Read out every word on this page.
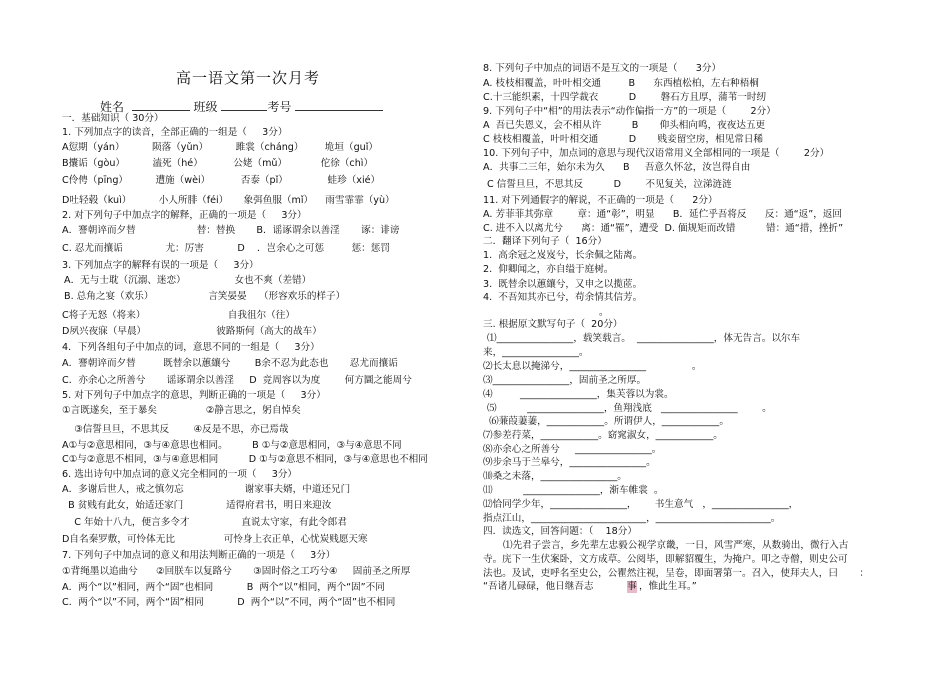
高一语文第一次月考
姓名	班级	考号
一．基础知识（ 30分）
1. 下列加点字的读音，全部正确的一组是（     3分）
A愆期（yán）         陨落（yǔn）         雎裳（cháng）       垝垣（guǐ）
B攮诟（gòu）         溘死（hé）          公姥（mǔ）           佗徐（chì）
C伶俜（pīng）         遭施（wèi）          否泰（pǐ）             蛙珍（xié）
D吐轻毂（kuì）         小人所腓（féi）     象弭鱼服（mǐ）    雨雪霏霏（yù）
2. 对下列句子中加点字的解释，正确的一项是（     3分）
A．謇朝谇而夕替                    替：替换       B．谣诼谓余以善淫       诼：诽谤
C. 忍尤而攘诟              尤：厉害           D    ．岂余心之可惩         惩：惩罚
3. 下列加点字的解释有误的一项是（     3分）
A．无与士耽（沉溺、迷恋）                女也不爽（差错）
B. 总角之宴（欢乐）                  言笑晏晏    （形容欢乐的样子）
C将子无怒（将来）                           自我徂尔（往）
D夙兴夜寐（早晨）                       彼路斯何（高大的战车）
4．下列各组句子中加点的词，意思不同的一组是（     3分）
A．謇朝谇而夕替         既替余以蕙纕兮        B余不忍为此态也       忍尤而攘诟
C．亦余心之所善兮       谣诼谓余以善淫     D  竞周容以为度        何方圜之能周兮
5. 对下列句子中加点字的意思，判断正确的一项是（     3分）
①言既遂矣，至于暴矣                ②静言思之，躬自悼矣
③信誓旦旦，不思其反        ④反是不思，亦已焉哉
A①与②意思相同，③与④意思也相同。        B ①与②意思相同，③与④意思不同
C①与②意思不相同，③与④意思相同          D ①与②意思不相同，③与④意思也不相同
6. 选出诗句中加点词的意义完全相同的一项（     3分）
A．多谢后世人，戒之慎勿忘                    谢家事夫婿，中道还兄门
B 贫贱有此女，始适还家门              适得府君书，明日来迎汝
C 年始十八九，便言多令才                 直说太守家，有此令郎君
D自名秦罗敷，可怜体无比                可怜身上衣正单，心忧炭贱愿天寒
7. 下列句子中加点词的意义和用法判断正确的一项是（     3分）
①背绳墨以追曲兮      ②回朕车以复路兮       ③固时俗之工巧兮④     固前圣之所厚
A．两个“以”相同，两个“固”也相同           B  两个“以”相同，两个“固”不同
C．两个“以”不同，两个“固”相同           D  两个“以”不同，两个“固”也不相同
8. 下列句子中加点的词语不是互文的一项是（      3分）
A. 枝枝相覆盖，叶叶相交通         B      东西植松柏，左右种梧桐
C.十三能织素，十四学裁衣          D        磐石方且厚，蒲苇一时纫
9. 下列句子中“相”的用法表示“动作偏指一方”的一项是（        2分）
A  吾已失恩义，会不相从许          B       仰头相向鸣，夜夜达五更
C 枝枝相覆盖，叶叶相交通          D       贱妾留空房，相见常日稀
10. 下列句子中，加点词的意思与现代汉语常用义全部相同的一项是（        2分）
A．共事二三年，始尔未为久      B     吾意久怀忿，汝岂得自由
C 信誓旦旦，不思其反          D        不见复关，泣涕涟涟
11. 对下列通假字的解说，不正确的一项是（      2分）
A. 芳菲菲其弥章        章：通“彰”，明显      B．延伫乎吾将反      反：通“返”，返回
C. 进不入以离尤兮      离：通“罹”，遭受  D. 偭规矩而改错          错：通“措，挫折”
二．翻译下列句子（  16分）
1.  高余冠之岌岌兮，长余佩之陆离。
2.  仰卿闻之，亦自缢于庭树。
3.  既替余以蕙纕兮，又申之以揽茝。
4.  不吾知其亦已兮，苟余情其信芳。
。
三. 根据原文默写句子（  20分）
⑴________________，载笑载言。  ________________，体无告言。以尔车
来，________________。
⑵长太息以掩涕兮，________________               。
⑶________________，固前圣之所厚。
⑷         ________________，集芙蓉以为裳。
⑸          ________________，鱼翔浅底   ________________        。
⑹蒹葭萋萋，____________。所谓伊人，____________。
⑺参差荇菜，____________。窈窕淑女，____________。
⑻亦余心之所善兮     ________________。
⑼步余马于兰皋兮，________________。
⑽桑之未落，________________。
⑾          ________________，渐车帷裳  。
⑿恰同学少年，________________，      书生意气   ，________________，
指点江山，________________________，________________________。
四．读选文，回答问题：（    18分）
⑴先君子尝言，乡先辈左忠毅公视学京畿，一日，风雪严寒，从数骑出，微行入古
寺。庑下一生伏案卧，文方成草。公阅毕，即解貂覆生，为掩户。叩之寺僧，则史公可
法也。及试，吏呼名至史公，公瞿然注视，呈卷，即面署第一。召入，使拜夫人，曰       ：
“吾诸儿碌碌，他日继吾志	事 ，惟此生耳。”
